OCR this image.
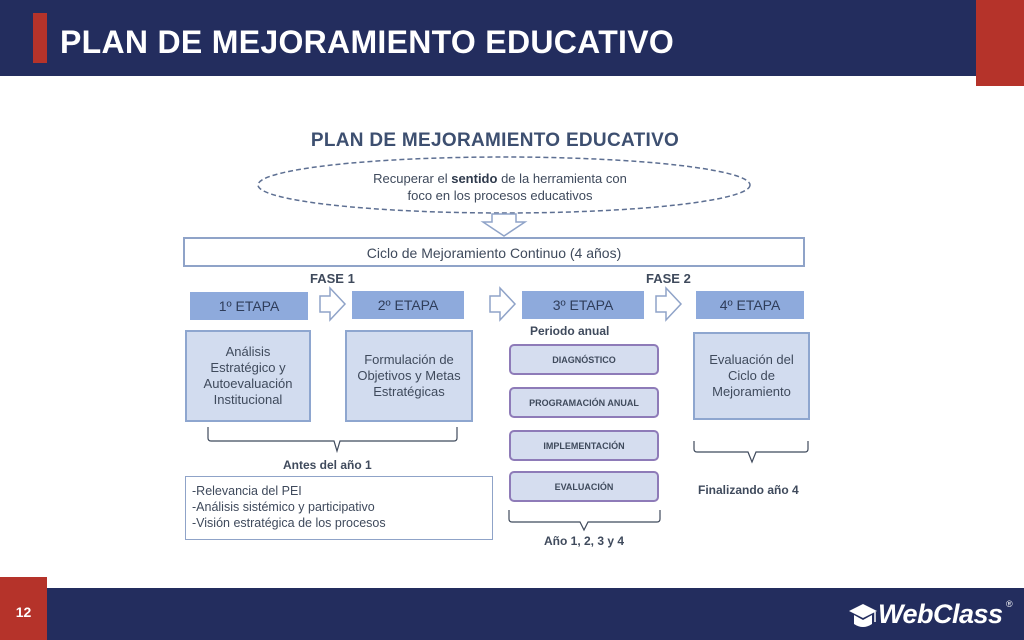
PLAN DE MEJORAMIENTO EDUCATIVO
PLAN DE MEJORAMIENTO EDUCATIVO
Recuperar el sentido de la herramienta con
foco en los procesos educativos
Ciclo de Mejoramiento Continuo (4 años)
FASE 1	FASE 2
1º ETAPA	2º ETAPA	3º ETAPA	4º ETAPA
Análisis
Estratégico y
Autoevaluación
Institucional
Formulación de
Objetivos y Metas
Estratégicas
Periodo anual
DIAGNÓSTICO
PROGRAMACIÓN ANUAL
IMPLEMENTACIÓN
EVALUACIÓN
Evaluación del
Ciclo de
Mejoramiento
Antes del año 1
-Relevancia del PEI
-Análisis sistémico y participativo
-Visión estratégica de los procesos
Año 1, 2, 3 y 4
Finalizando año 4
12	WebClass ®
